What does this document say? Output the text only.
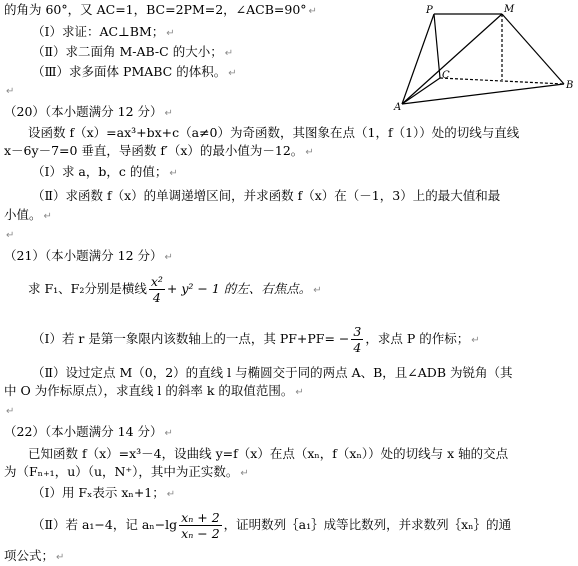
的角为 60°，又 AC=1，BC=2PM=2，∠ACB=90° ↵
（Ⅰ）求证：AC⊥BM； ↵
（Ⅱ）求二面角 M-AB-C 的大小； ↵
（Ⅲ）求多面体 PMABC 的体积。 ↵
↵
P	M
C
A
B
（20）（本小题满分 12 分） ↵
设函数 f（x）=ax³+bx+c（a≠0）为奇函数，其图象在点（1，f（1））处的切线与直线
x－6y－7=0 垂直，导函数 f′（x）的最小值为－12。 ↵
（Ⅰ）求 a，b，c 的值； ↵
（Ⅱ）求函数 f（x）的单调递增区间，并求函数 f（x）在（－1，3）上的最大值和最
小值。 ↵
↵
（21）（本小题满分 12 分） ↵
求 F₁、F₂分别是横线 $\frac{\text{x²}}{4} + y^2 - 1$ 的左、右焦点。 ↵
（Ⅰ）若 r 是第一象限内该数轴上的一点，其 $PF+PF= - \frac{3}{4}$ ，求点 P 的作标； ↵
（Ⅱ）设过定点 M（0，2）的直线 l 与椭圆交于同的两点 A、B，且∠ADB 为锐角（其
中 O 为作标原点），求直线 l 的斜率 k 的取值范围。 ↵
↵
（22）（本小题满分 14 分） ↵
已知函数 f（x）=x³－4，设曲线 y=f（x）在点（xₙ，f（xₙ））处的切线与 x 轴的交点
为（Fₙ₊₁，u）（u，N⁺），其中为正实数。 ↵
（Ⅰ）用 Fₓ表示 xₙ+1； ↵
（Ⅱ）若 a₁−4，记 $a_n-\lg \frac{\text{xₙ + 2}}{\text{xₙ − 2}}$ ，证明数列｛a₁｝成等比数列，并求数列｛xₙ｝的通
项公式； ↵
